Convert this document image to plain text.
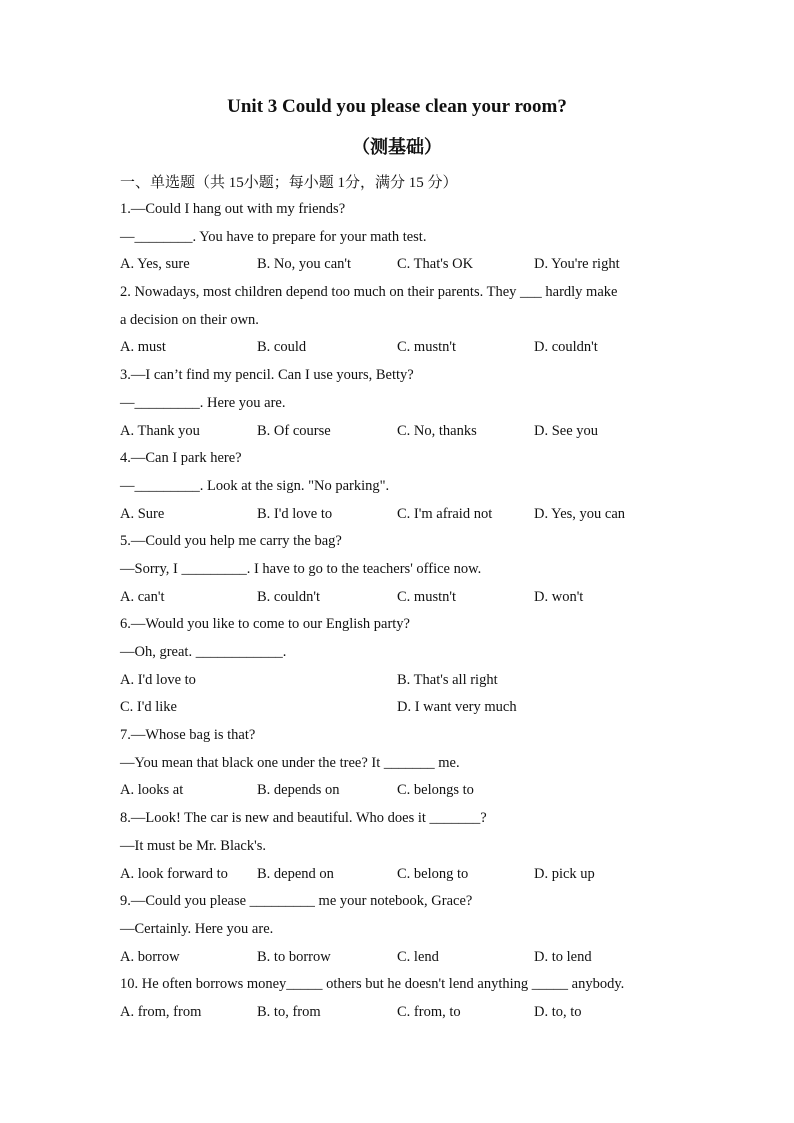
Unit 3 Could you please clean your room?
（测基础）
一、单选题（共 15小题；每小题 1分，满分 15 分）
1.—Could I hang out with my friends?
—________. You have to prepare for your math test.
A. Yes, sure	B. No, you can't	C. That's OK	D. You're right
2. Nowadays, most children depend too much on their parents. They ___ hardly make
a decision on their own.
A. must	B. could	C. mustn't	D. couldn't
3.—I can’t find my pencil. Can I use yours, Betty?
—_________. Here you are.
A. Thank you	B. Of course	C. No, thanks	D. See you
4.—Can I park here?
—_________. Look at the sign. "No parking".
A. Sure	B. I'd love to	C. I'm afraid not	D. Yes, you can
5.—Could you help me carry the bag?
—Sorry, I _________. I have to go to the teachers' office now.
A. can't	B. couldn't	C. mustn't	D. won't
6.—Would you like to come to our English party?
—Oh, great. ____________.
A. I'd love to	B. That's all right
C. I'd like	D. I want very much
7.—Whose bag is that?
—You mean that black one under the tree? It _______ me.
A. looks at	B. depends on	C. belongs to
8.—Look! The car is new and beautiful. Who does it _______?
—It must be Mr. Black's.
A. look forward to B. depend on	C. belong to	D. pick up
9.—Could you please _________ me your notebook, Grace?
—Certainly. Here you are.
A. borrow	B. to borrow	C. lend	D. to lend
10. He often borrows money_____ others but he doesn't lend anything _____ anybody.
A. from, from	B. to, from	C. from, to	D. to, to
